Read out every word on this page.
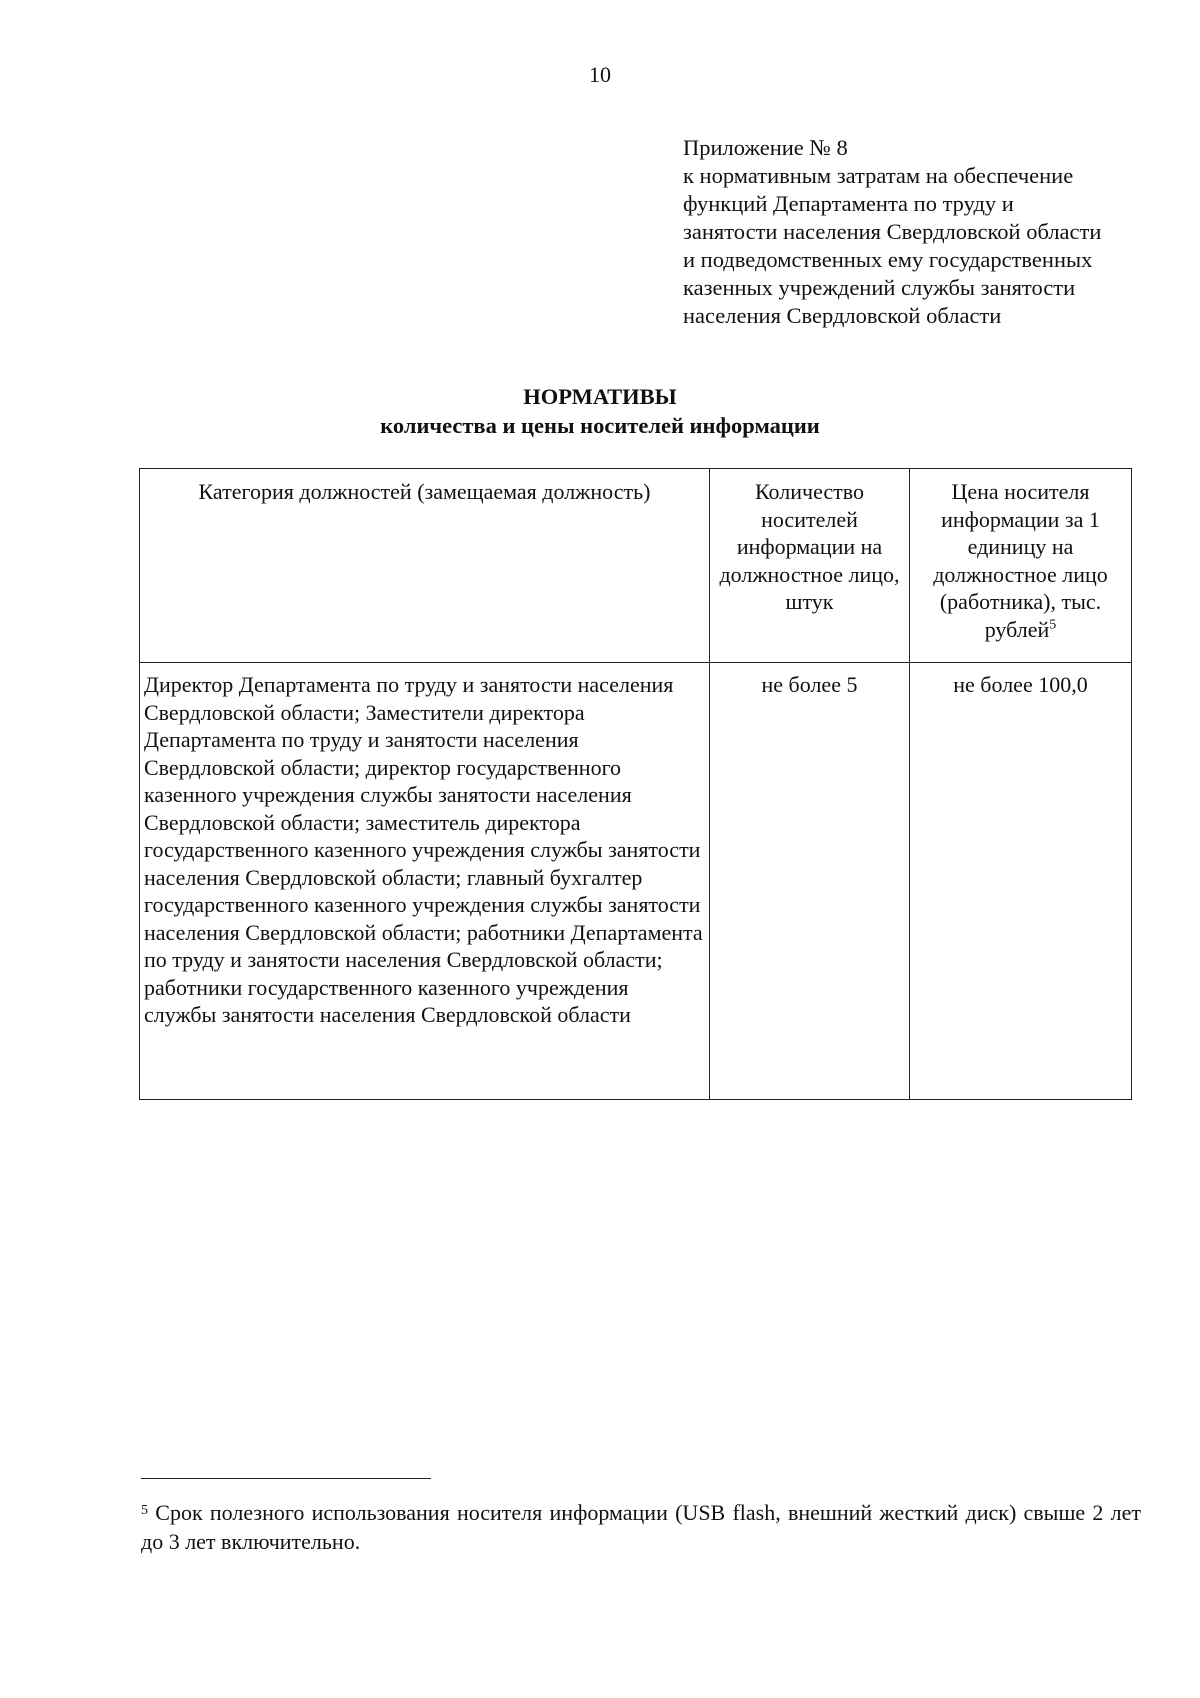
10
Приложение № 8
к нормативным затратам на обеспечение
функций Департамента по труду и
занятости населения Свердловской области
и подведомственных ему государственных
казенных учреждений службы занятости
населения Свердловской области
НОРМАТИВЫ
количества и цены носителей информации
Категория должностей (замещаемая должность)	Количество носителей информации на должностное лицо, штук	Цена носителя информации за 1 единицу на должностное лицо (работника), тыс. рублей$^5$
Директор Департамента по труду и занятости населения Свердловской области; Заместители директора Департамента по труду и занятости населения Свердловской области; директор государственного казенного учреждения службы занятости населения Свердловской области; заместитель директора государственного казенного учреждения службы занятости населения Свердловской области; главный бухгалтер государственного казенного учреждения службы занятости населения Свердловской области; работники Департамента по труду и занятости населения Свердловской области; работники государственного казенного учреждения службы занятости населения Свердловской области	не более 5	не более 100,0
$^5$ Срок полезного использования носителя информации (USB flash, внешний жесткий диск) свыше 2 лет до 3 лет включительно.
